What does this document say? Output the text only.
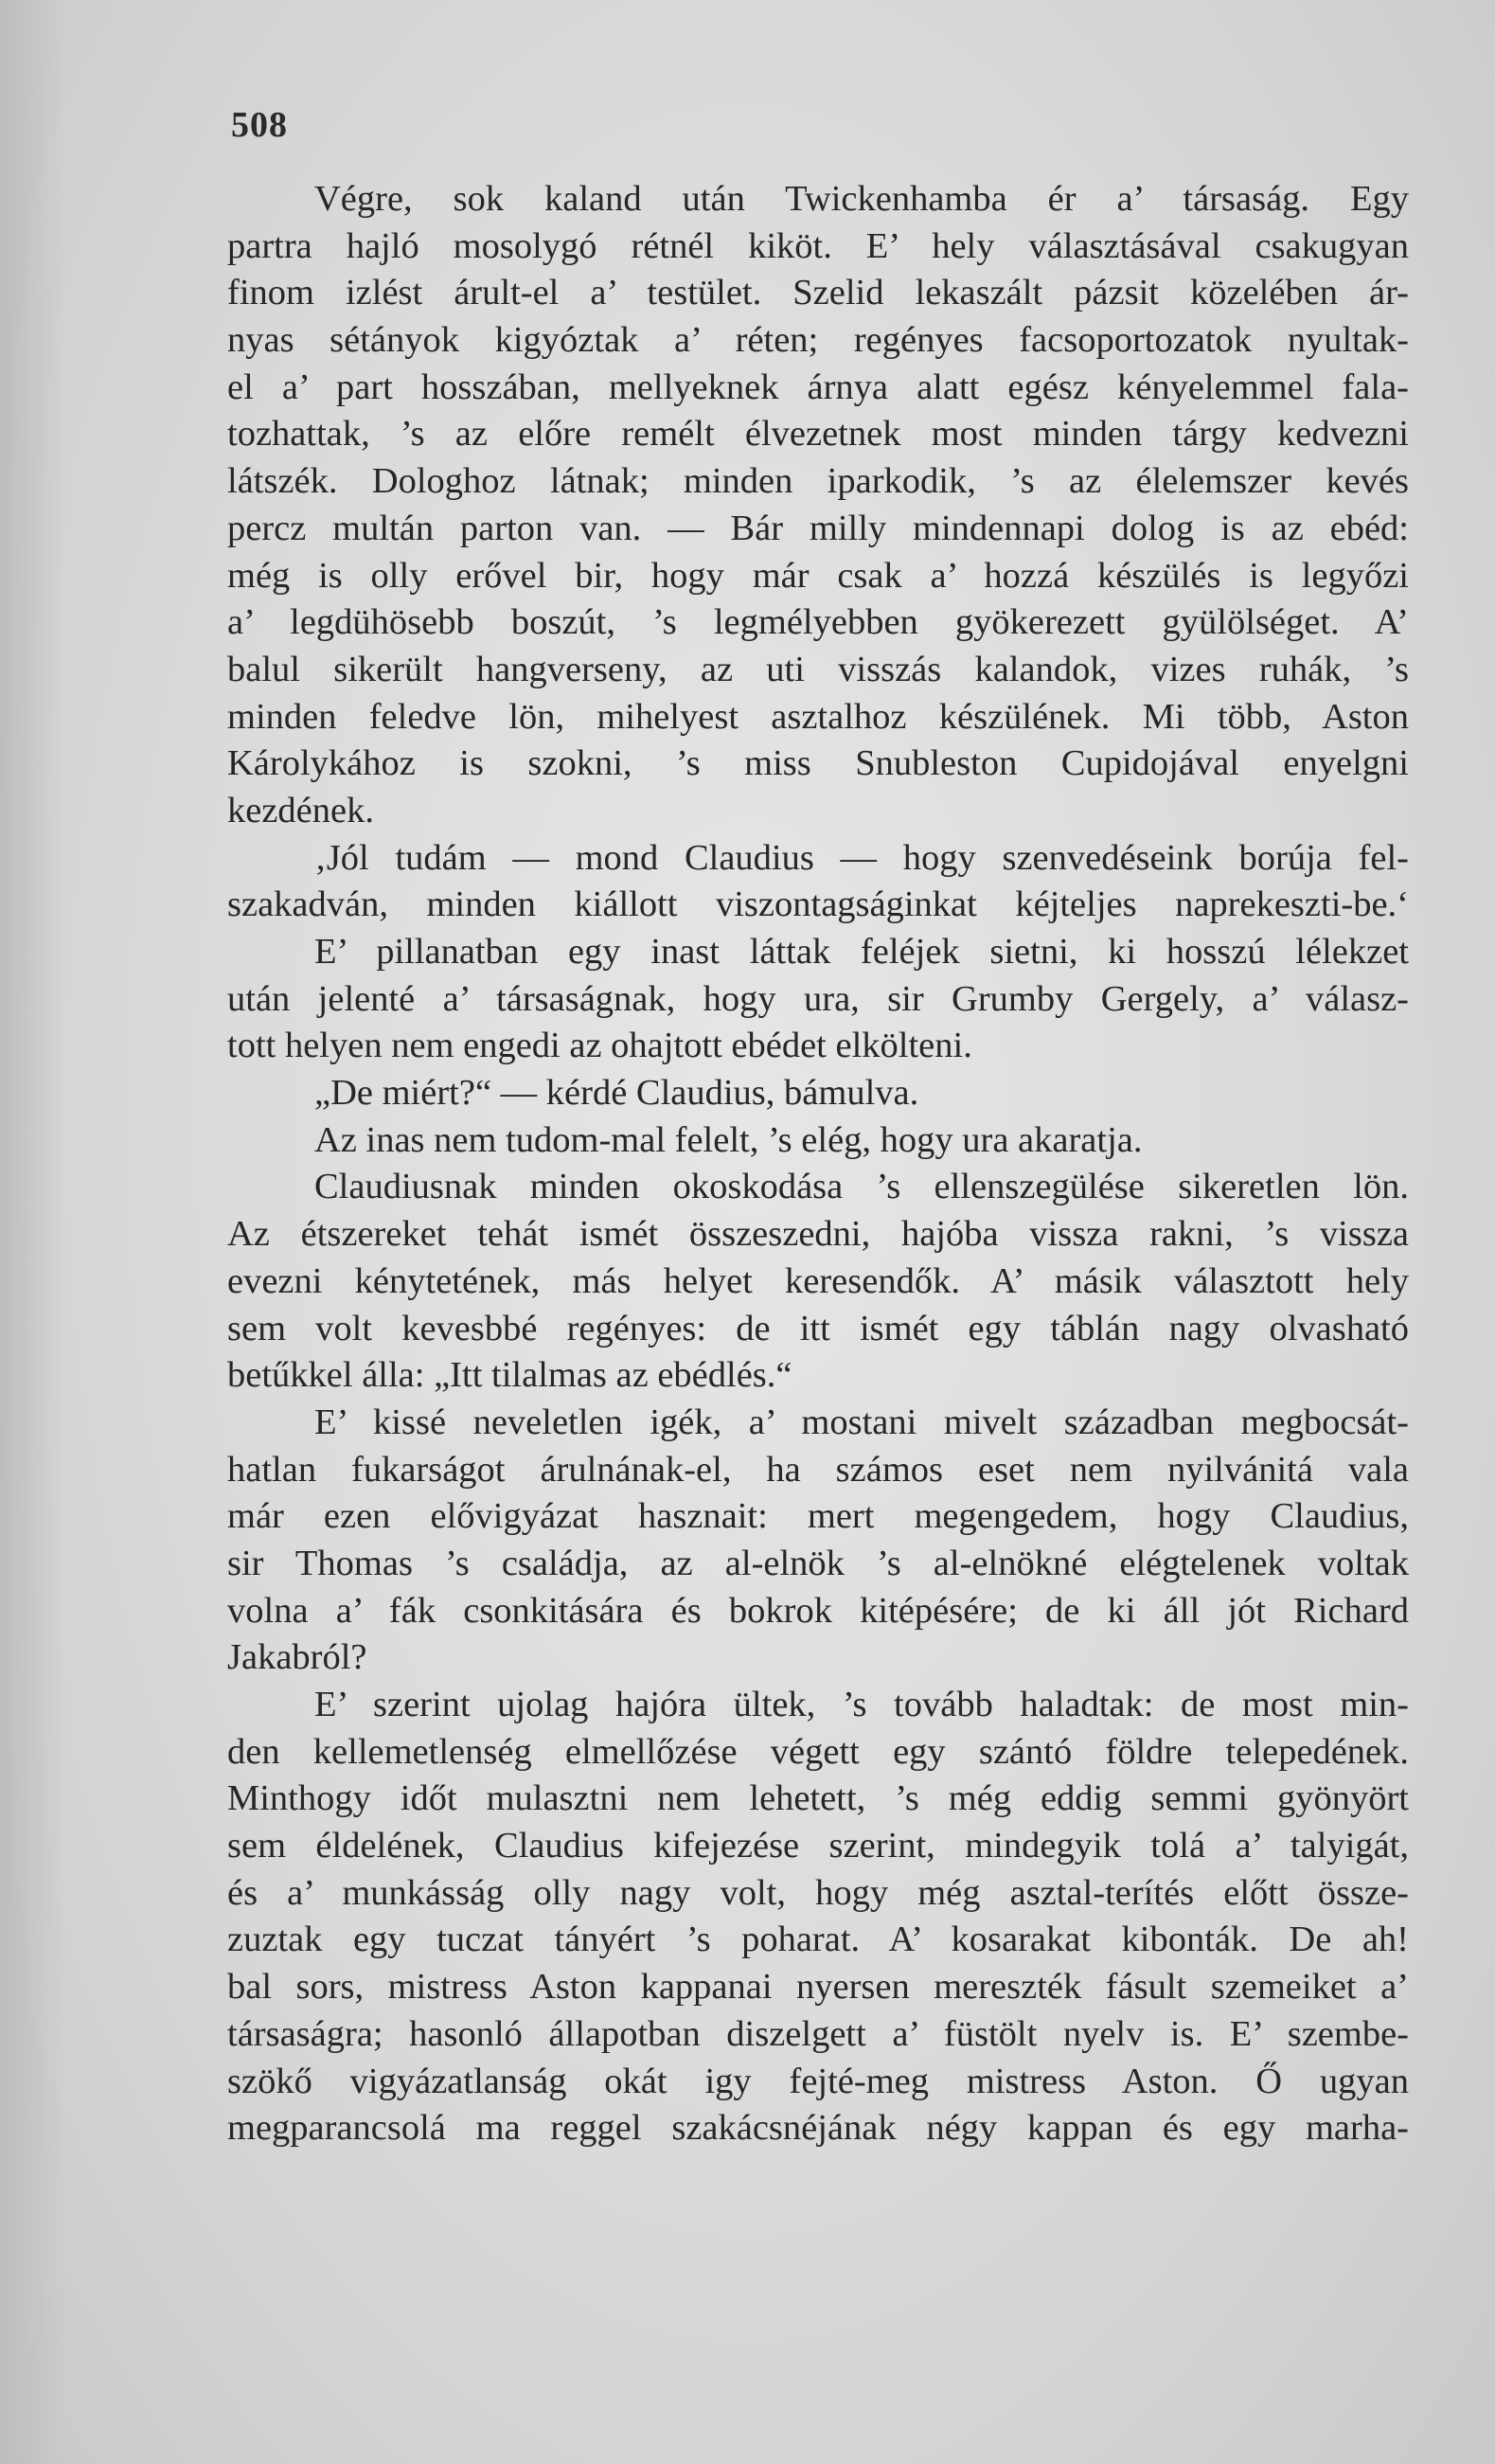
508
Végre, sok kaland után Twickenhamba ér a’ társaság. Egy
partra hajló mosolygó rétnél kiköt. E’ hely választásával csakugyan
finom izlést árult-el a’ testület. Szelid lekaszált pázsit közelében ár-
nyas sétányok kigyóztak a’ réten; regényes facsoportozatok nyultak-
el a’ part hosszában, mellyeknek árnya alatt egész kényelemmel fala-
tozhattak, ’s az előre remélt élvezetnek most minden tárgy kedvezni
látszék. Dologhoz látnak; minden iparkodik, ’s az élelemszer kevés
percz multán parton van. — Bár milly mindennapi dolog is az ebéd:
még is olly erővel bir, hogy már csak a’ hozzá készülés is legyőzi
a’ legdühösebb boszút, ’s legmélyebben gyökerezett gyülölséget. A’
balul sikerült hangverseny, az uti visszás kalandok, vizes ruhák, ’s
minden feledve lön, mihelyest asztalhoz készülének. Mi több, Aston
Károlykához is szokni, ’s miss Snubleston Cupidojával enyelgni
kezdének.
‚Jól tudám — mond Claudius — hogy szenvedéseink borúja fel-
szakadván, minden kiállott viszontagságinkat kéjteljes naprekeszti-be.‘
E’ pillanatban egy inast láttak feléjek sietni, ki hosszú lélekzet
után jelenté a’ társaságnak, hogy ura, sir Grumby Gergely, a’ válasz-
tott helyen nem engedi az ohajtott ebédet elkölteni.
„De miért?“ — kérdé Claudius, bámulva.
Az inas nem tudom-mal felelt, ’s elég, hogy ura akaratja.
Claudiusnak minden okoskodása ’s ellenszegülése sikeretlen lön.
Az étszereket tehát ismét összeszedni, hajóba vissza rakni, ’s vissza
evezni kénytetének, más helyet keresendők. A’ másik választott hely
sem volt kevesbbé regényes: de itt ismét egy táblán nagy olvasható
betűkkel álla: „Itt tilalmas az ebédlés.“
E’ kissé neveletlen igék, a’ mostani mivelt században megbocsát-
hatlan fukarságot árulnának-el, ha számos eset nem nyilvánitá vala
már ezen elővigyázat hasznait: mert megengedem, hogy Claudius,
sir Thomas ’s családja, az al-elnök ’s al-elnökné elégtelenek voltak
volna a’ fák csonkitására és bokrok kitépésére; de ki áll jót Richard
Jakabról?
E’ szerint ujolag hajóra ültek, ’s tovább haladtak: de most min-
den kellemetlenség elmellőzése végett egy szántó földre telepedének.
Minthogy időt mulasztni nem lehetett, ’s még eddig semmi gyönyört
sem éldelének, Claudius kifejezése szerint, mindegyik tolá a’ talyigát,
és a’ munkásság olly nagy volt, hogy még asztal-terítés előtt össze-
zuztak egy tuczat tányért ’s poharat. A’ kosarakat kibonták. De ah!
bal sors, mistress Aston kappanai nyersen mereszték fásult szemeiket a’
társaságra; hasonló állapotban diszelgett a’ füstölt nyelv is. E’ szembe-
szökő vigyázatlanság okát igy fejté-meg mistress Aston. Ő ugyan
megparancsolá ma reggel szakácsnéjának négy kappan és egy marha-
